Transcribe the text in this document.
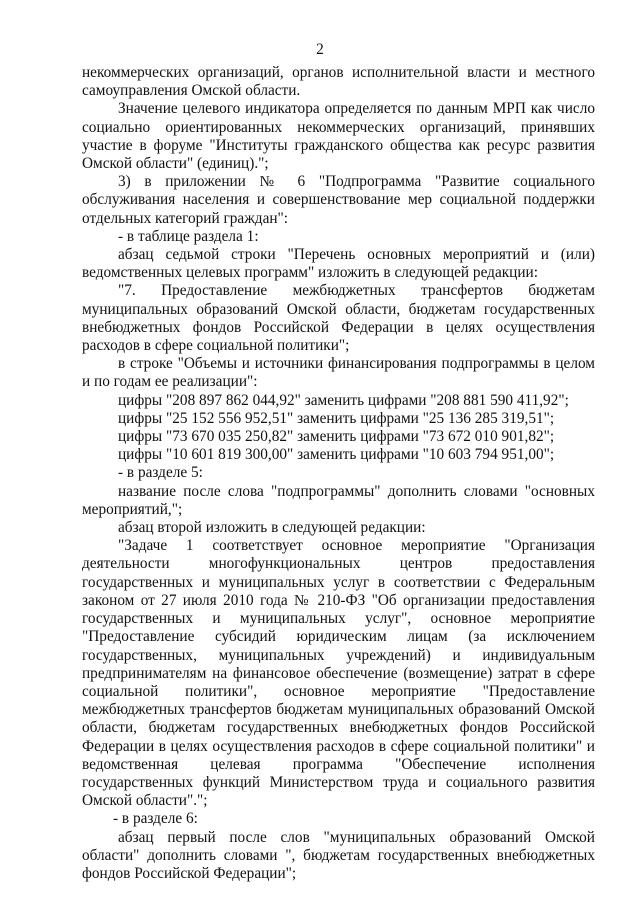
2

некоммерческих организаций, органов исполнительной власти и местного самоуправления Омской области.

Значение целевого индикатора определяется по данным МРП как число социально ориентированных некоммерческих организаций, принявших участие в форуме "Институты гражданского общества как ресурс развития Омской области" (единиц).";

3) в приложении № 6 "Подпрограмма "Развитие социального обслуживания населения и совершенствование мер социальной поддержки отдельных категорий граждан":

- в таблице раздела 1:

абзац седьмой строки "Перечень основных мероприятий и (или) ведомственных целевых программ" изложить в следующей редакции:

"7. Предоставление межбюджетных трансфертов бюджетам муниципальных образований Омской области, бюджетам государственных внебюджетных фондов Российской Федерации в целях осуществления расходов в сфере социальной политики";

в строке "Объемы и источники финансирования подпрограммы в целом и по годам ее реализации":

цифры "208 897 862 044,92" заменить цифрами "208 881 590 411,92";

цифры "25 152 556 952,51" заменить цифрами "25 136 285 319,51";

цифры "73 670 035 250,82" заменить цифрами "73 672 010 901,82";

цифры "10 601 819 300,00" заменить цифрами "10 603 794 951,00";

- в разделе 5:

название после слова "подпрограммы" дополнить словами "основных мероприятий,";

абзац второй изложить в следующей редакции:

"Задаче 1 соответствует основное мероприятие "Организация деятельности многофункциональных центров предоставления государственных и муниципальных услуг в соответствии с Федеральным законом от 27 июля 2010 года № 210-ФЗ "Об организации предоставления государственных и муниципальных услуг", основное мероприятие "Предоставление субсидий юридическим лицам (за исключением государственных, муниципальных учреждений) и индивидуальным предпринимателям на финансовое обеспечение (возмещение) затрат в сфере социальной политики", основное мероприятие "Предоставление межбюджетных трансфертов бюджетам муниципальных образований Омской области, бюджетам государственных внебюджетных фондов Российской Федерации в целях осуществления расходов в сфере социальной политики" и ведомственная целевая программа "Обеспечение исполнения государственных функций Министерством труда и социального развития Омской области".";

- в разделе 6:

абзац первый после слов "муниципальных образований Омской области" дополнить словами ", бюджетам государственных внебюджетных фондов Российской Федерации";
